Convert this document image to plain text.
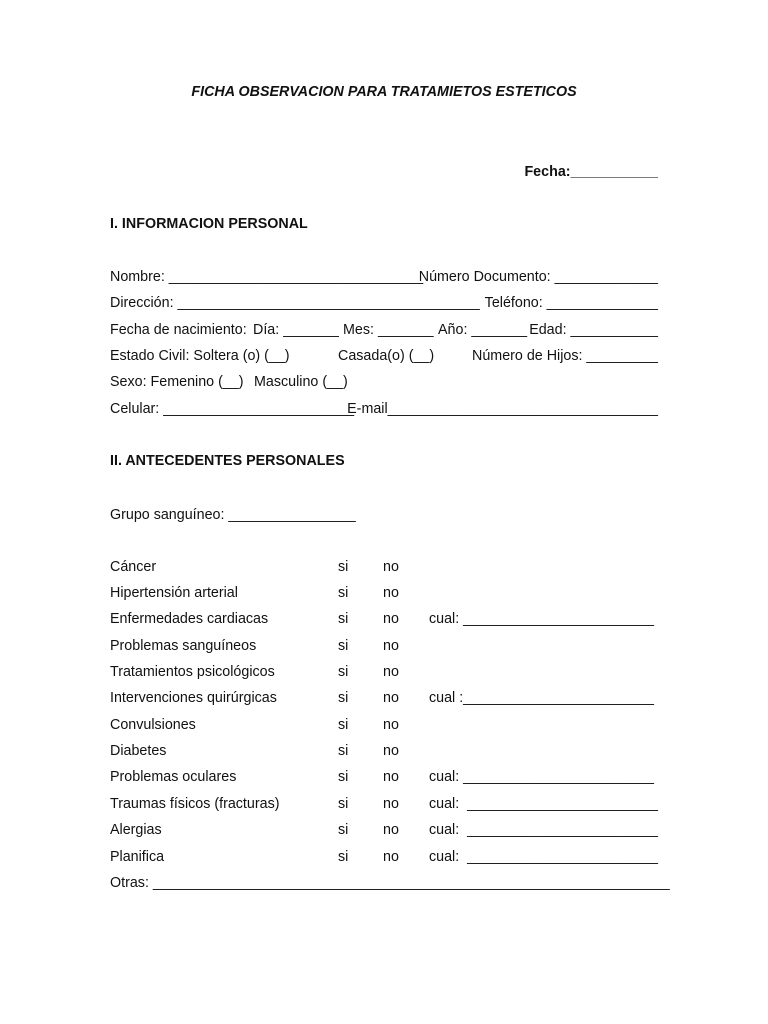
FICHA OBSERVACION PARA TRATAMIETOS ESTETICOS
Fecha:___________
I. INFORMACION PERSONAL
Nombre: ________________________________
Número Documento: _____________
Dirección: ______________________________________ Teléfono: ______________
Fecha de nacimiento: Día: _______ Mes: _______ Año: _______ Edad: ___________
Estado Civil: Soltera (o) (__)	Casada(o) (__)	Número de Hijos: _________
Sexo: Femenino (__) Masculino (__)
Celular: ________________________
E-mail__________________________________
II. ANTECEDENTES PERSONALES
Grupo sanguíneo: ________________
Cáncer	si no
Hipertensión arterial	si no
Enfermedades cardiacas	si no cual: ________________________
Problemas sanguíneos	si no
Tratamientos psicológicos	si no
Intervenciones quirúrgicas	si no cual :________________________
Convulsiones	si no
Diabetes	si no
Problemas oculares	si no cual: ________________________
Traumas físicos (fracturas)	si no cual:  ________________________
Alergias	si no cual:  ________________________
Planifica	si no cual:  ________________________
Otras: _________________________________________________________________
